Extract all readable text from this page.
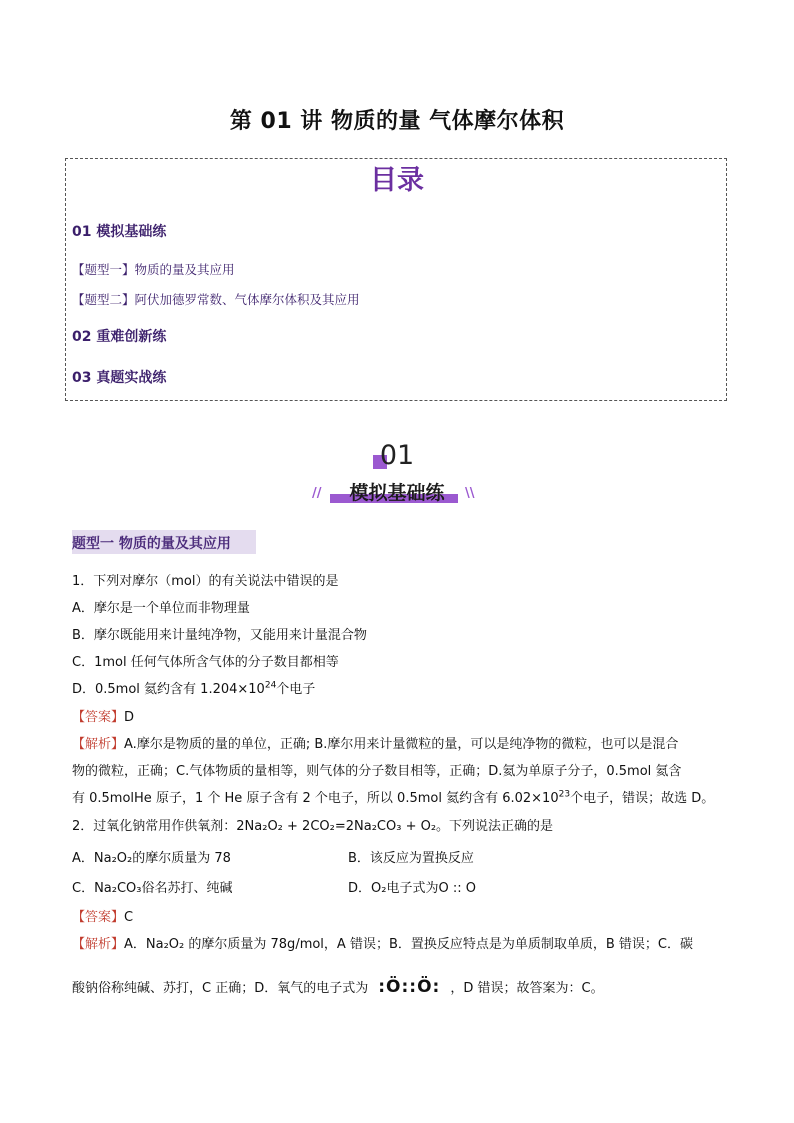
第 01 讲 物质的量 气体摩尔体积
目录
01 模拟基础练
【题型一】物质的量及其应用
【题型二】阿伏加德罗常数、气体摩尔体积及其应用
02 重难创新练
03 真题实战练
01
//	模拟基础练	\\
题型一 物质的量及其应用
1．下列对摩尔（mol）的有关说法中错误的是
A．摩尔是一个单位而非物理量
B．摩尔既能用来计量纯净物，又能用来计量混合物
C．1mol 任何气体所含气体的分子数目都相等
D．0.5mol 氦约含有 $1.204\times 10^{24}$个电子
【答案】D
【解析】A.摩尔是物质的量的单位，正确; B.摩尔用来计量微粒的量，可以是纯净物的微粒，也可以是混合
物的微粒，正确；C.气体物质的量相等，则气体的分子数目相等，正确；D.氦为单原子分子，0.5mol 氦含
有 0.5molHe 原子，1 个 He 原子含有 2 个电子，所以 0.5mol 氦约含有 $6.02\times 10^{23}$个电子，错误；故选 D。
2．过氧化钠常用作供氧剂：2Na₂O₂ + 2CO₂=2Na₂CO₃ + O₂。下列说法正确的是
A．Na₂O₂的摩尔质量为 78	B．该反应为置换反应
C．Na₂CO₃俗名苏打、纯碱	D．O₂电子式为O :: O
【答案】C
【解析】A．Na₂O₂ 的摩尔质量为 78g/mol，A 错误；B．置换反应特点是为单质制取单质，B 错误；C．碳
酸钠俗称纯碱、苏打，C 正确；D．氧气的电子式为 :Ö::Ö: ，D 错误；故答案为：C。
